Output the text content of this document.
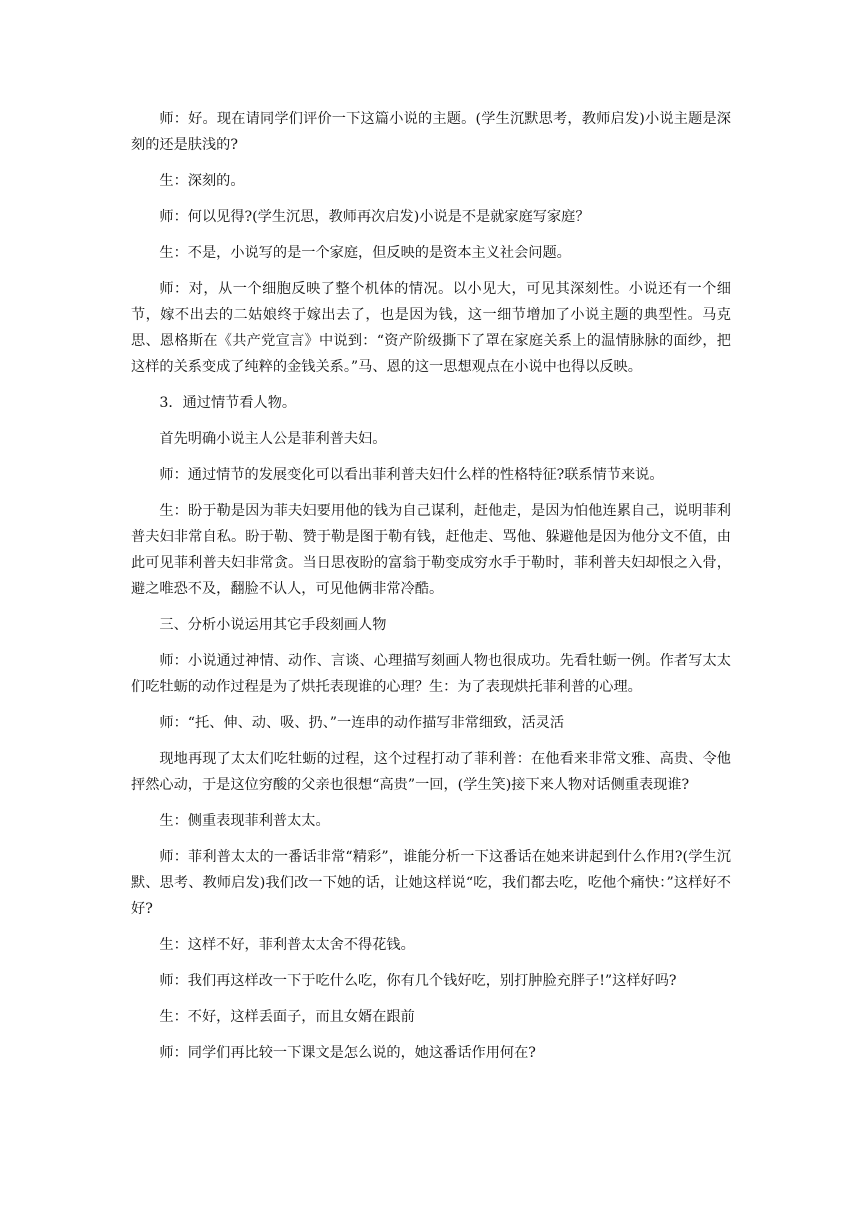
师：好。现在请同学们评价一下这篇小说的主题。(学生沉默思考，教师启发)小说主题是深刻的还是肤浅的?

生：深刻的。

师：何以见得?(学生沉思，教师再次启发)小说是不是就家庭写家庭？

生：不是，小说写的是一个家庭，但反映的是资本主义社会问题。

师：对，从一个细胞反映了整个机体的情况。以小见大，可见其深刻性。小说还有一个细节，嫁不出去的二姑娘终于嫁出去了，也是因为钱，这一细节增加了小说主题的典型性。马克思、恩格斯在《共产党宣言》中说到：“资产阶级撕下了罩在家庭关系上的温情脉脉的面纱，把这样的关系变成了纯粹的金钱关系。”马、恩的这一思想观点在小说中也得以反映。

3．通过情节看人物。

首先明确小说主人公是菲利普夫妇。

师：通过情节的发展变化可以看出菲利普夫妇什么样的性格特征?联系情节来说。

生：盼于勒是因为菲夫妇要用他的钱为自己谋利，赶他走，是因为怕他连累自己，说明菲利普夫妇非常自私。盼于勒、赞于勒是图于勒有钱，赶他走、骂他、躲避他是因为他分文不值，由此可见菲利普夫妇非常贪。当日思夜盼的富翁于勒变成穷水手于勒时，菲利普夫妇却恨之入骨，避之唯恐不及，翻脸不认人，可见他俩非常冷酷。

三、分析小说运用其它手段刻画人物

师：小说通过神情、动作、言谈、心理描写刻画人物也很成功。先看牡蛎一例。作者写太太们吃牡蛎的动作过程是为了烘托表现谁的心理？生：为了表现烘托菲利普的心理。

师：“托、伸、动、吸、扔、”一连串的动作描写非常细致，活灵活

现地再现了太太们吃牡蛎的过程，这个过程打动了菲利普：在他看来非常文雅、高贵、令他抨然心动，于是这位穷酸的父亲也很想“高贵”一回，(学生笑)接下来人物对话侧重表现谁?

生：侧重表现菲利普太太。

师：菲利普太太的一番话非常“精彩”，谁能分析一下这番话在她来讲起到什么作用?(学生沉默、思考、教师启发)我们改一下她的话，让她这样说“吃，我们都去吃，吃他个痛快：”这样好不好?

生：这样不好，菲利普太太舍不得花钱。

师：我们再这样改一下于吃什么吃，你有几个钱好吃，别打肿脸充胖子!”这样好吗?

生：不好，这样丢面子，而且女婿在跟前

师：同学们再比较一下课文是怎么说的，她这番话作用何在?
